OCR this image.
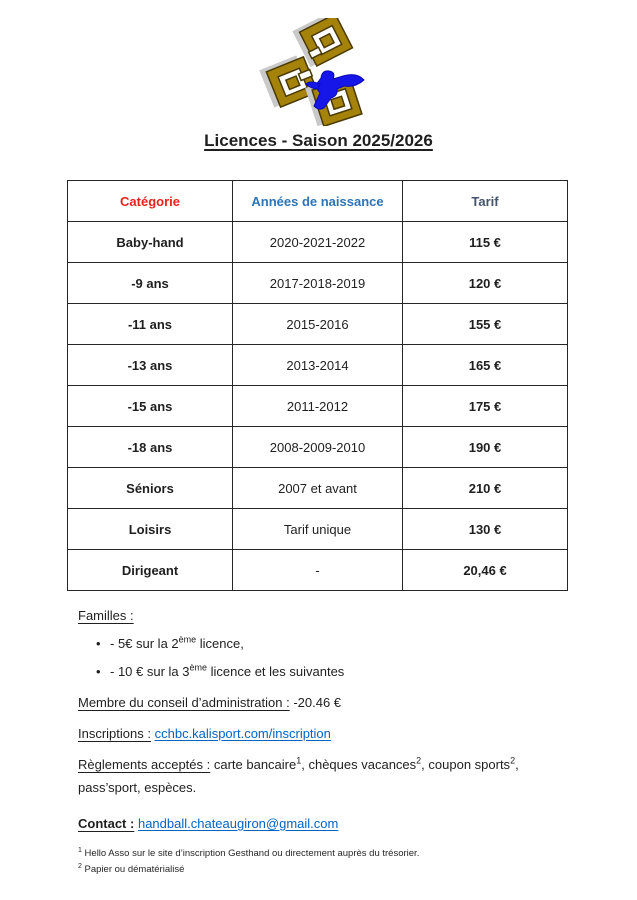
Licences - Saison 2025/2026
Catégorie	Années de naissance	Tarif
Baby-hand	2020-2021-2022	115 €
-9 ans	2017-2018-2019	120 €
-11 ans	2015-2016	155 €
-13 ans	2013-2014	165 €
-15 ans	2011-2012	175 €
-18 ans	2008-2009-2010	190 €
Séniors	2007 et avant	210 €
Loisirs	Tarif unique	130 €
Dirigeant	-	20,46 €
Familles :
• - 5€ sur la 2ème licence,
• - 10 € sur la 3ème licence et les suivantes
Membre du conseil d’administration : -20.46 €
Inscriptions : cchbc.kalisport.com/inscription
Règlements acceptés : carte bancaire$^1$, chèques vacances$^2$, coupon sports$^2$,
pass’sport, espèces.
Contact : handball.chateaugiron@gmail.com
$^1$ Hello Asso sur le site d’inscription Gesthand ou directement auprès du trésorier.
$^2$ Papier ou dématérialisé
